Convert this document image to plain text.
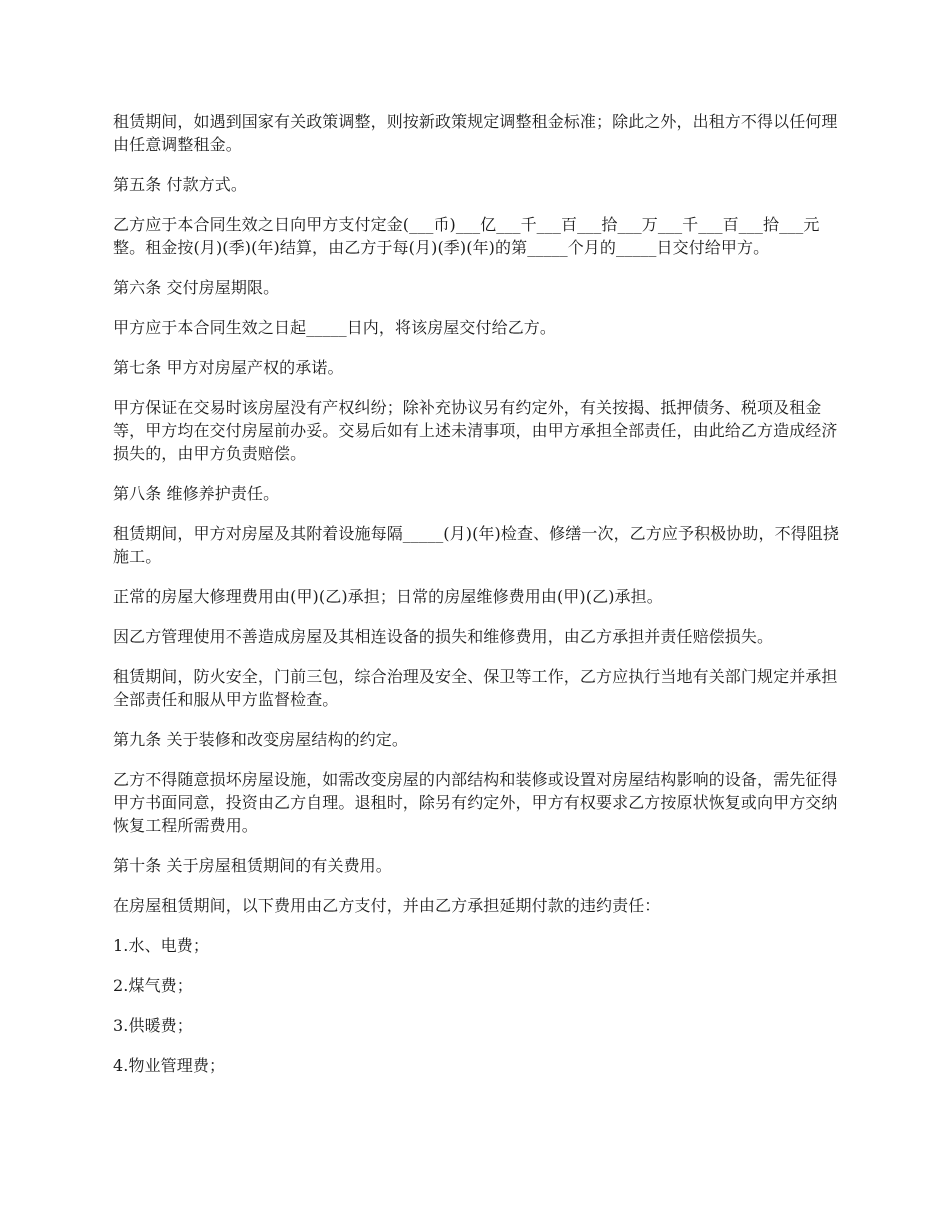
租赁期间，如遇到国家有关政策调整，则按新政策规定调整租金标准；除此之外，出租方不得以任何理由任意调整租金。

第五条 付款方式。

乙方应于本合同生效之日向甲方支付定金(___币)___亿___千___百___拾___万___千___百___拾___元整。租金按(月)(季)(年)结算，由乙方于每(月)(季)(年)的第_____个月的_____日交付给甲方。

第六条 交付房屋期限。

甲方应于本合同生效之日起_____日内，将该房屋交付给乙方。

第七条 甲方对房屋产权的承诺。

甲方保证在交易时该房屋没有产权纠纷；除补充协议另有约定外，有关按揭、抵押债务、税项及租金等，甲方均在交付房屋前办妥。交易后如有上述未清事项，由甲方承担全部责任，由此给乙方造成经济损失的，由甲方负责赔偿。

第八条 维修养护责任。

租赁期间，甲方对房屋及其附着设施每隔_____(月)(年)检查、修缮一次，乙方应予积极协助，不得阻挠施工。

正常的房屋大修理费用由(甲)(乙)承担；日常的房屋维修费用由(甲)(乙)承担。

因乙方管理使用不善造成房屋及其相连设备的损失和维修费用，由乙方承担并责任赔偿损失。

租赁期间，防火安全，门前三包，综合治理及安全、保卫等工作，乙方应执行当地有关部门规定并承担全部责任和服从甲方监督检查。

第九条 关于装修和改变房屋结构的约定。

乙方不得随意损坏房屋设施，如需改变房屋的内部结构和装修或设置对房屋结构影响的设备，需先征得甲方书面同意，投资由乙方自理。退租时，除另有约定外，甲方有权要求乙方按原状恢复或向甲方交纳恢复工程所需费用。

第十条 关于房屋租赁期间的有关费用。

在房屋租赁期间，以下费用由乙方支付，并由乙方承担延期付款的违约责任：

1.水、电费；

2.煤气费；

3.供暖费；

4.物业管理费；
